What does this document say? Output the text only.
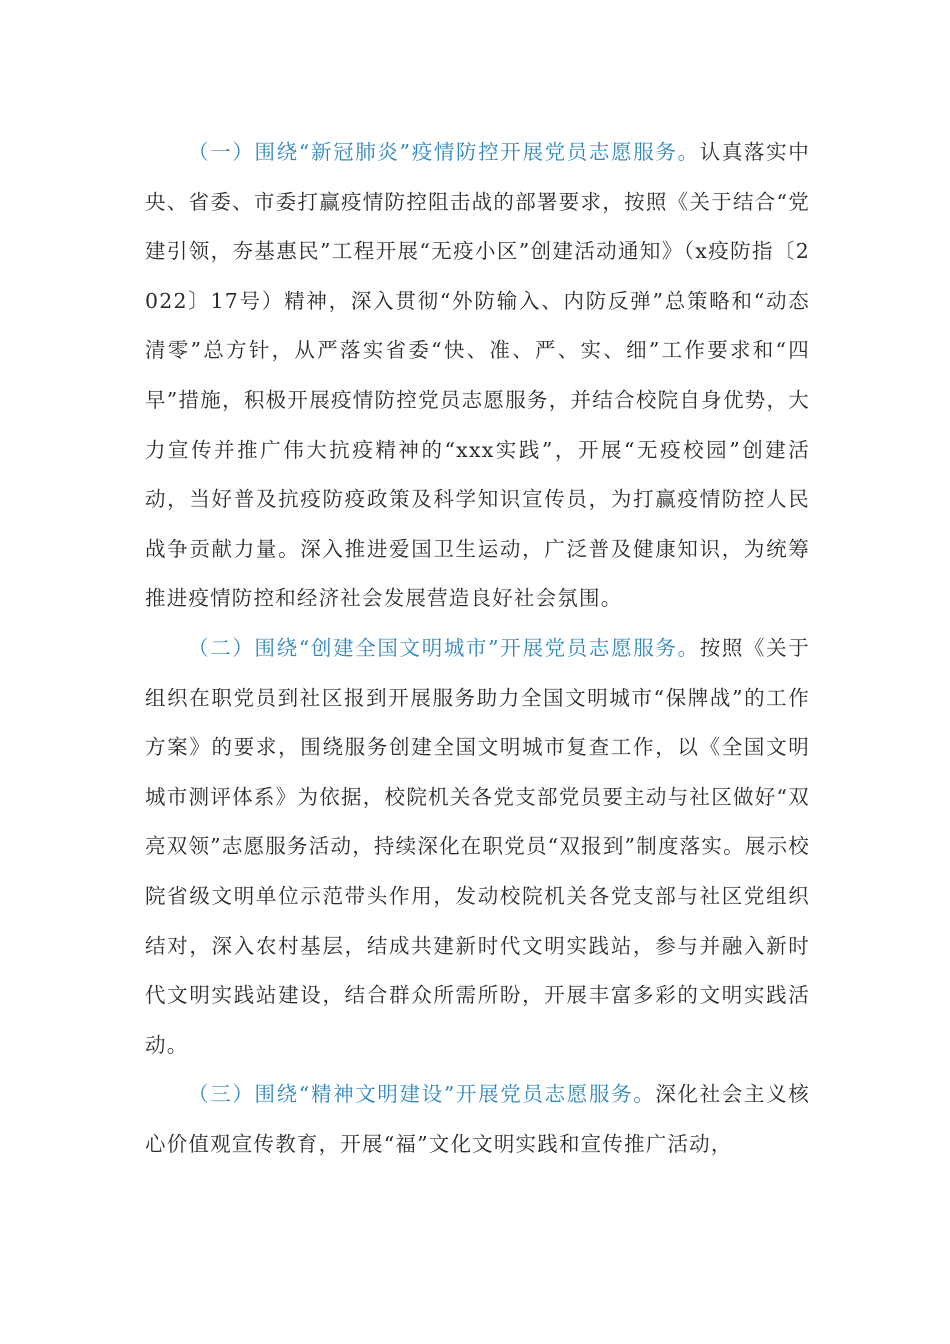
（一）围绕“新冠肺炎”疫情防控开展党员志愿服务。认真落实中央、省委、市委打赢疫情防控阻击战的部署要求，按照《关于结合“党建引领，夯基惠民”工程开展“无疫小区”创建活动通知》（x疫防指〔2022〕17号）精神，深入贯彻“外防输入、内防反弹”总策略和“动态清零”总方针，从严落实省委“快、准、严、实、细”工作要求和“四早”措施，积极开展疫情防控党员志愿服务，并结合校院自身优势，大力宣传并推广伟大抗疫精神的“xxx实践”，开展“无疫校园”创建活动，当好普及抗疫防疫政策及科学知识宣传员，为打赢疫情防控人民战争贡献力量。深入推进爱国卫生运动，广泛普及健康知识，为统筹推进疫情防控和经济社会发展营造良好社会氛围。

（二）围绕“创建全国文明城市”开展党员志愿服务。按照《关于组织在职党员到社区报到开展服务助力全国文明城市“保牌战”的工作方案》的要求，围绕服务创建全国文明城市复查工作，以《全国文明城市测评体系》为依据，校院机关各党支部党员要主动与社区做好“双亮双领”志愿服务活动，持续深化在职党员“双报到”制度落实。展示校院省级文明单位示范带头作用，发动校院机关各党支部与社区党组织结对，深入农村基层，结成共建新时代文明实践站，参与并融入新时代文明实践站建设，结合群众所需所盼，开展丰富多彩的文明实践活动。

（三）围绕“精神文明建设”开展党员志愿服务。深化社会主义核心价值观宣传教育，开展“福”文化文明实践和宣传推广活动，
